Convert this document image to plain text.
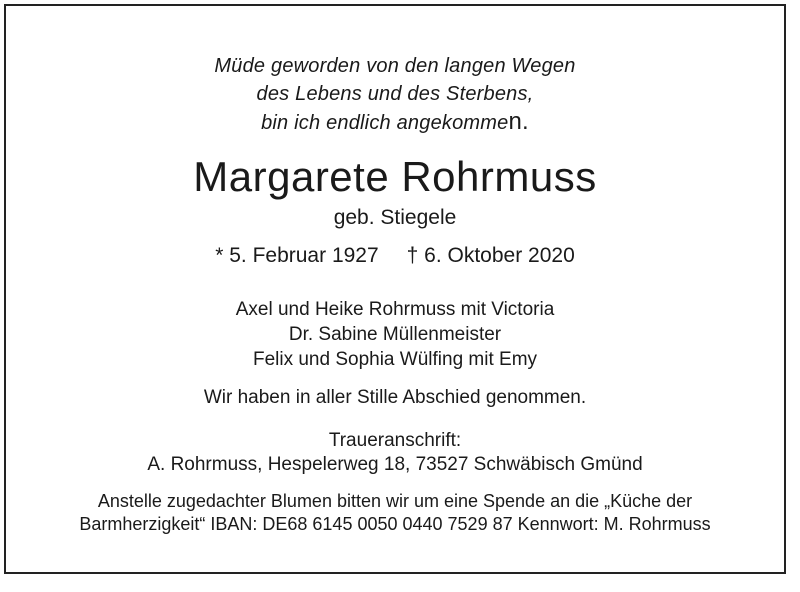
Müde geworden von den langen Wegen
des Lebens und des Sterbens,
bin ich endlich angekommen.
Margarete Rohrmuss
geb. Stiegele
* 5. Februar 1927 † 6. Oktober 2020
Axel und Heike Rohrmuss mit Victoria
Dr. Sabine Müllenmeister
Felix und Sophia Wülfing mit Emy
Wir haben in aller Stille Abschied genommen.
Traueranschrift:
A. Rohrmuss, Hespelerweg 18, 73527 Schwäbisch Gmünd
Anstelle zugedachter Blumen bitten wir um eine Spende an die „Küche der
Barmherzigkeit“ IBAN: DE68 6145 0050 0440 7529 87 Kennwort: M. Rohrmuss
